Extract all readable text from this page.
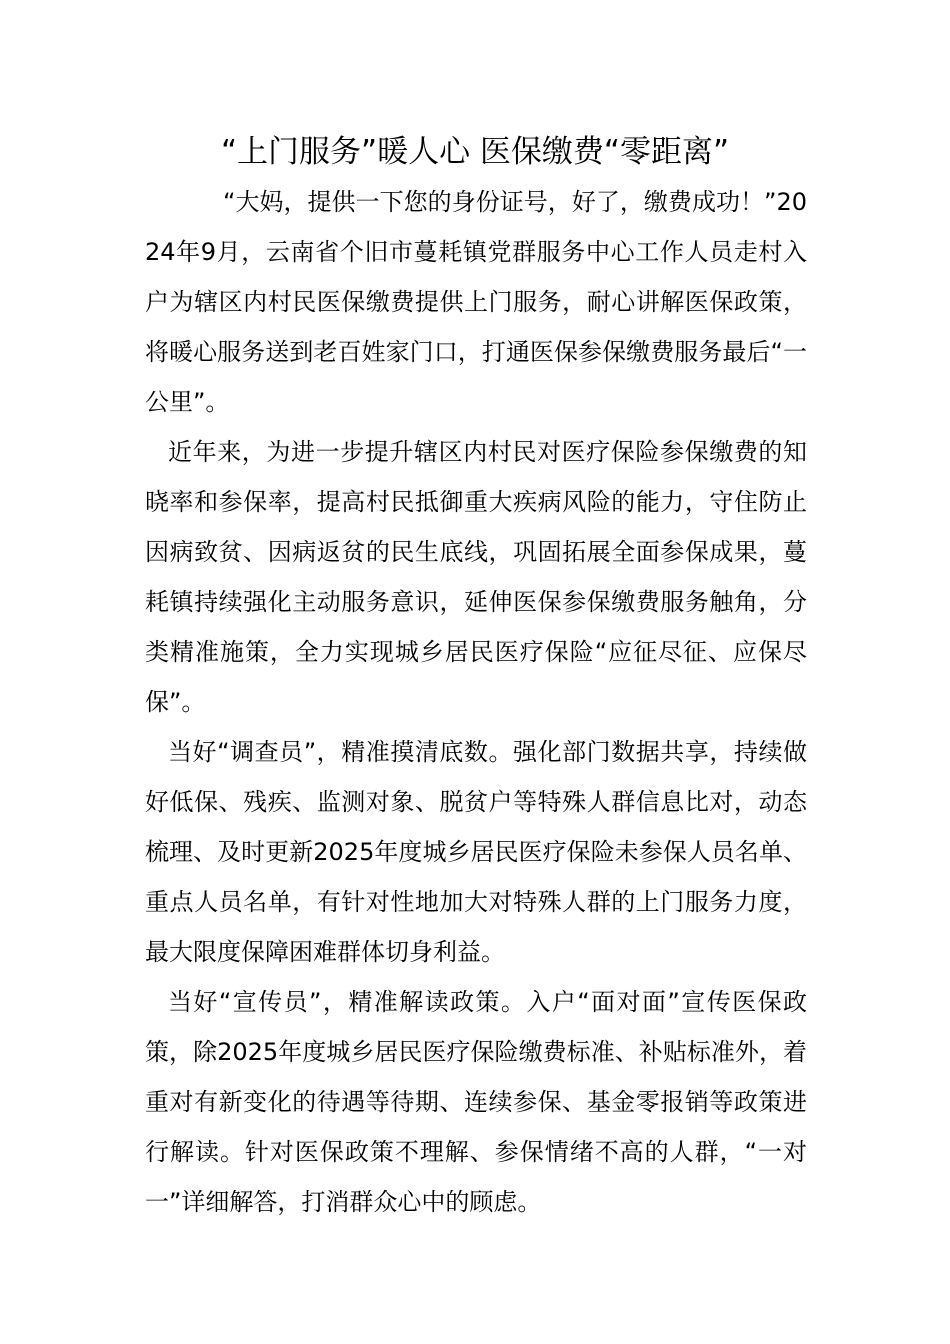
“上门服务”暖人心 医保缴费“零距离”

“大妈，提供一下您的身份证号，好了，缴费成功！”2024年9月，云南省个旧市蔓耗镇党群服务中心工作人员走村入户为辖区内村民医保缴费提供上门服务，耐心讲解医保政策，将暖心服务送到老百姓家门口，打通医保参保缴费服务最后“一公里”。

近年来，为进一步提升辖区内村民对医疗保险参保缴费的知晓率和参保率，提高村民抵御重大疾病风险的能力，守住防止因病致贫、因病返贫的民生底线，巩固拓展全面参保成果，蔓耗镇持续强化主动服务意识，延伸医保参保缴费服务触角，分类精准施策，全力实现城乡居民医疗保险“应征尽征、应保尽保”。

当好“调查员”，精准摸清底数。强化部门数据共享，持续做好低保、残疾、监测对象、脱贫户等特殊人群信息比对，动态梳理、及时更新2025年度城乡居民医疗保险未参保人员名单、重点人员名单，有针对性地加大对特殊人群的上门服务力度，最大限度保障困难群体切身利益。

当好“宣传员”，精准解读政策。入户“面对面”宣传医保政策，除2025年度城乡居民医疗保险缴费标准、补贴标准外，着重对有新变化的待遇等待期、连续参保、基金零报销等政策进行解读。针对医保政策不理解、参保情绪不高的人群，“一对一”详细解答，打消群众心中的顾虑。
